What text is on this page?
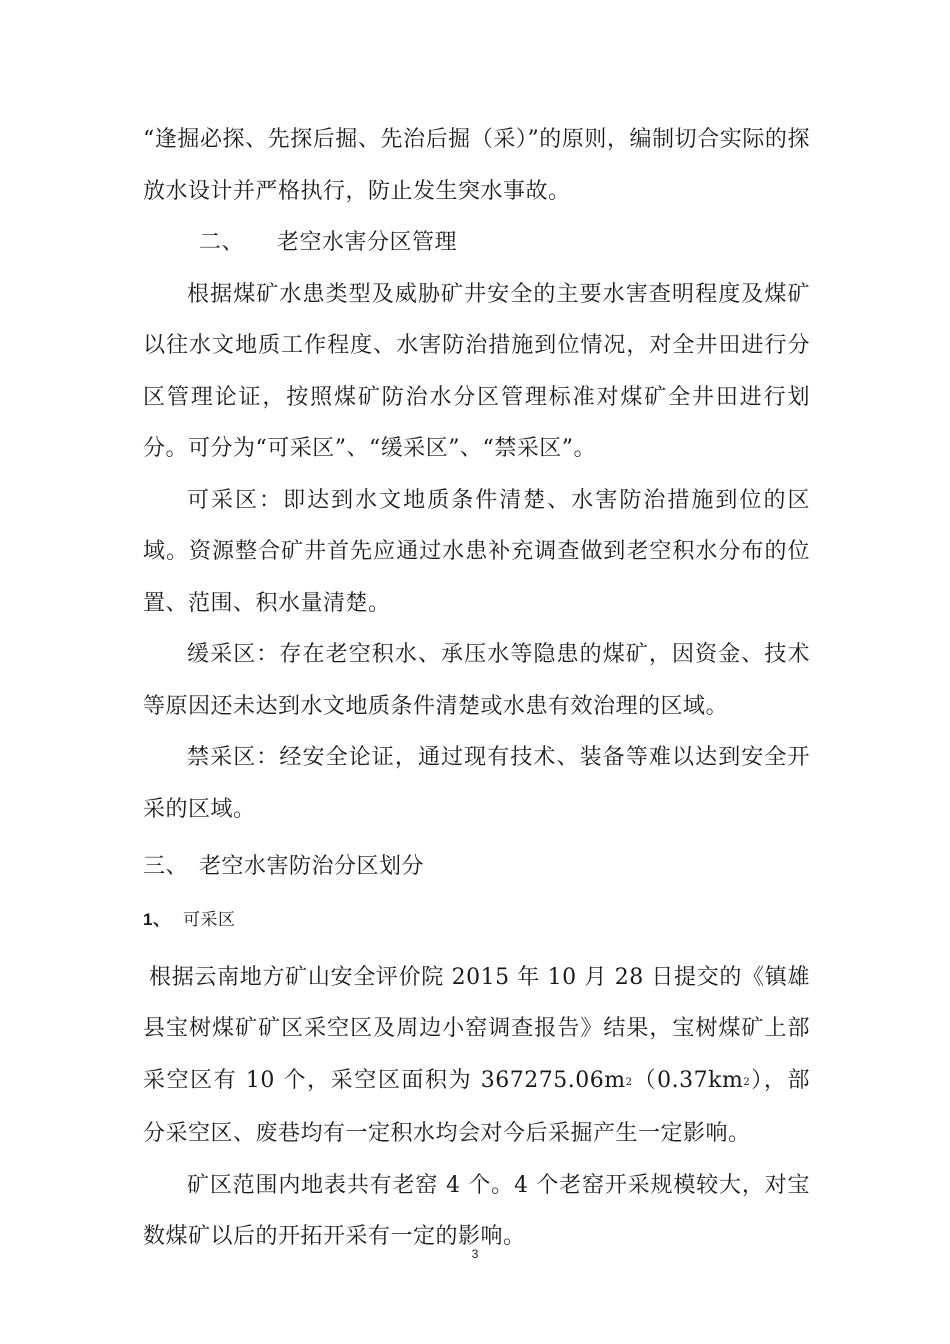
“逢掘必探、先探后掘、先治后掘（采）”的原则，编制切合实际的探放水设计并严格执行，防止发生突水事故。

二、 老空水害分区管理

根据煤矿水患类型及威胁矿井安全的主要水害查明程度及煤矿以往水文地质工作程度、水害防治措施到位情况，对全井田进行分区管理论证，按照煤矿防治水分区管理标准对煤矿全井田进行划分。可分为“可采区”、“缓采区”、“禁采区”。

可采区：即达到水文地质条件清楚、水害防治措施到位的区域。资源整合矿井首先应通过水患补充调查做到老空积水分布的位置、范围、积水量清楚。

缓采区：存在老空积水、承压水等隐患的煤矿，因资金、技术等原因还未达到水文地质条件清楚或水患有效治理的区域。

禁采区：经安全论证，通过现有技术、装备等难以达到安全开采的区域。

三、 老空水害防治分区划分

1、 可采区

根据云南地方矿山安全评价院 2015 年 10 月 28 日提交的《镇雄县宝树煤矿矿区采空区及周边小窑调查报告》结果，宝树煤矿上部采空区有 10 个，采空区面积为 $367275.06m^2(0.37km^2)$，部分采空区、废巷均有一定积水均会对今后采掘产生一定影响。

矿区范围内地表共有老窑 4 个。4 个老窑开采规模较大，对宝数煤矿以后的开拓开采有一定的影响。

3
